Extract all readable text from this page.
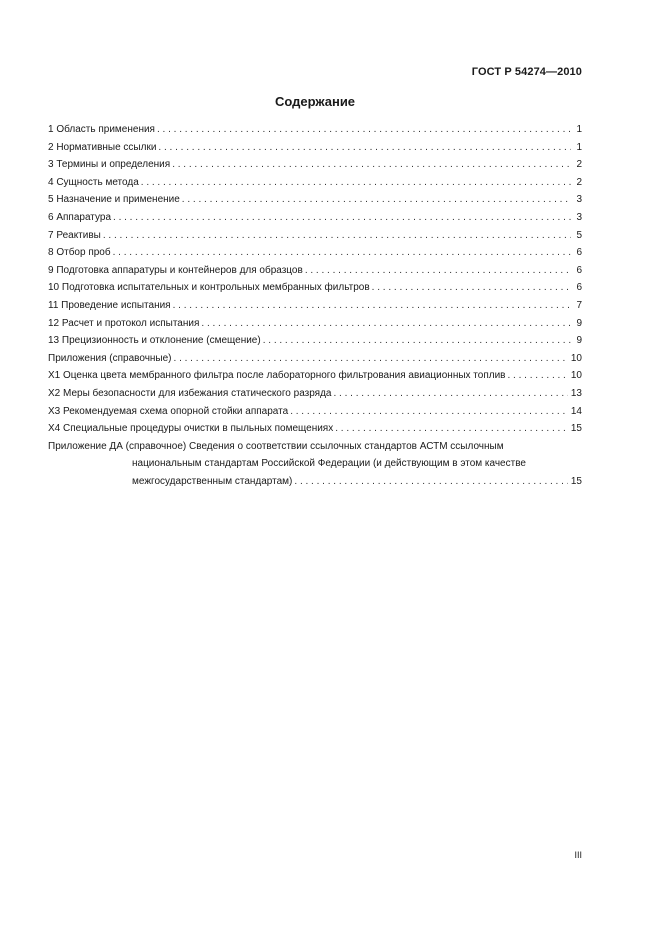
ГОСТ Р 54274—2010
Содержание
1 Область применения . . .	1
2 Нормативные ссылки . . .	1
3 Термины и определения . . .	2
4 Сущность метода . . .	2
5 Назначение и применение . . .	3
6 Аппаратура . . .	3
7 Реактивы . . .	5
8 Отбор проб . . .	6
9 Подготовка аппаратуры и контейнеров для образцов . . .	6
10 Подготовка испытательных и контрольных мембранных фильтров . . .	6
11 Проведение испытания . . .	7
12 Расчет и протокол испытания . . .	9
13 Прецизионность и отклонение (смещение) . . .	9
Приложения (справочные) . . .	10
Х1 Оценка цвета мембранного фильтра после лабораторного фильтрования авиационных топлив . . .	10
Х2 Меры безопасности для избежания статического разряда . . .	13
Х3 Рекомендуемая схема опорной стойки аппарата . . .	14
Х4 Специальные процедуры очистки в пыльных помещениях . . .	15
Приложение ДА (справочное) Сведения о соответствии ссылочных стандартов АСТМ ссылочным
национальным стандартам Российской Федерации (и действующим в этом качестве
межгосударственным стандартам) . . .	15
III
